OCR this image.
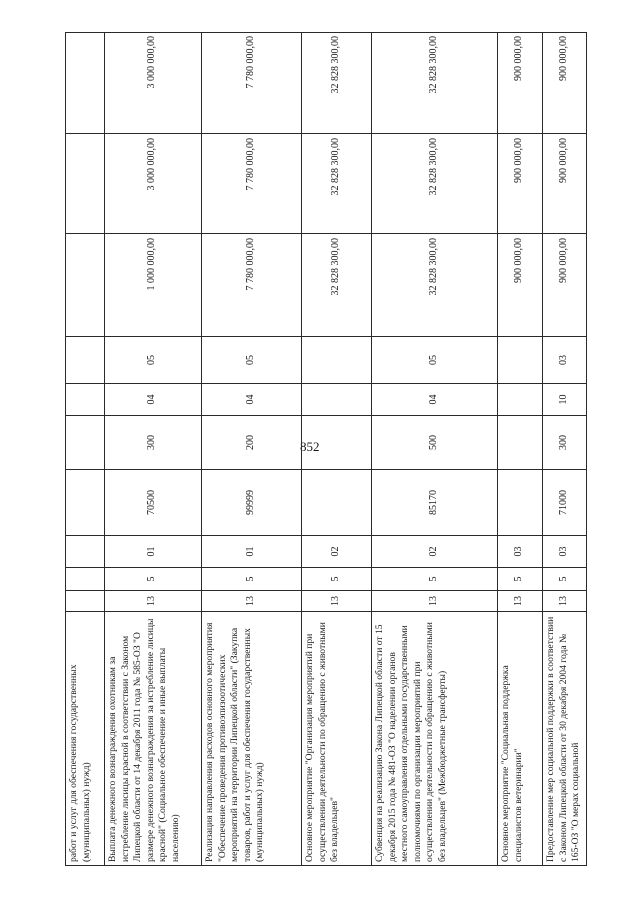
852
работ и услуг для обеспечения государственных (муниципальных) нужд)	Выплата денежного вознаграждения охотникам за истребление лисицы красной в соответствии с Законом Липецкой области от 14 декабря 2011 года № 585-ОЗ "О размере денежного вознаграждения за истребление лисицы красной" (Социальное обеспечение и иные выплаты населению)
13
5
01
70500
300
04
05
1 000 000,00
3 000 000,00
3 000 000,00
Реализация направления расходов основного мероприятия "Обеспечение проведения противоэпизоотических мероприятий на территории Липецкой области" (Закупка товаров, работ и услуг для обеспечения государственных (муниципальных) нужд)
13
5
01
99999
200
04
05
7 780 000,00
7 780 000,00
7 780 000,00
Основное мероприятие "Организация мероприятий при осуществлении деятельности по обращению с животными без владельцев"
13
5
02
32 828 300,00
32 828 300,00
32 828 300,00
Субвенция на реализацию Закона Липецкой области от 15 декабря 2015 года № 481-ОЗ "О наделении органов местного самоуправления отдельными государственными полномочиями по организации мероприятий при осуществлении деятельности по обращению с животными без владельцев" (Межбюджетные трансферты)
13
5
02
85170
500
04
05
32 828 300,00
32 828 300,00
32 828 300,00
Основное мероприятие "Социальная поддержка специалистов ветеринарии"
13
5
03
900 000,00
900 000,00
900 000,00
Предоставление мер социальной поддержки в соответствии с Законом Липецкой области от 30 декабря 2004 года № 165-ОЗ "О мерах социальной
13
5
03
71000
300
10
03
900 000,00
900 000,00
900 000,00
